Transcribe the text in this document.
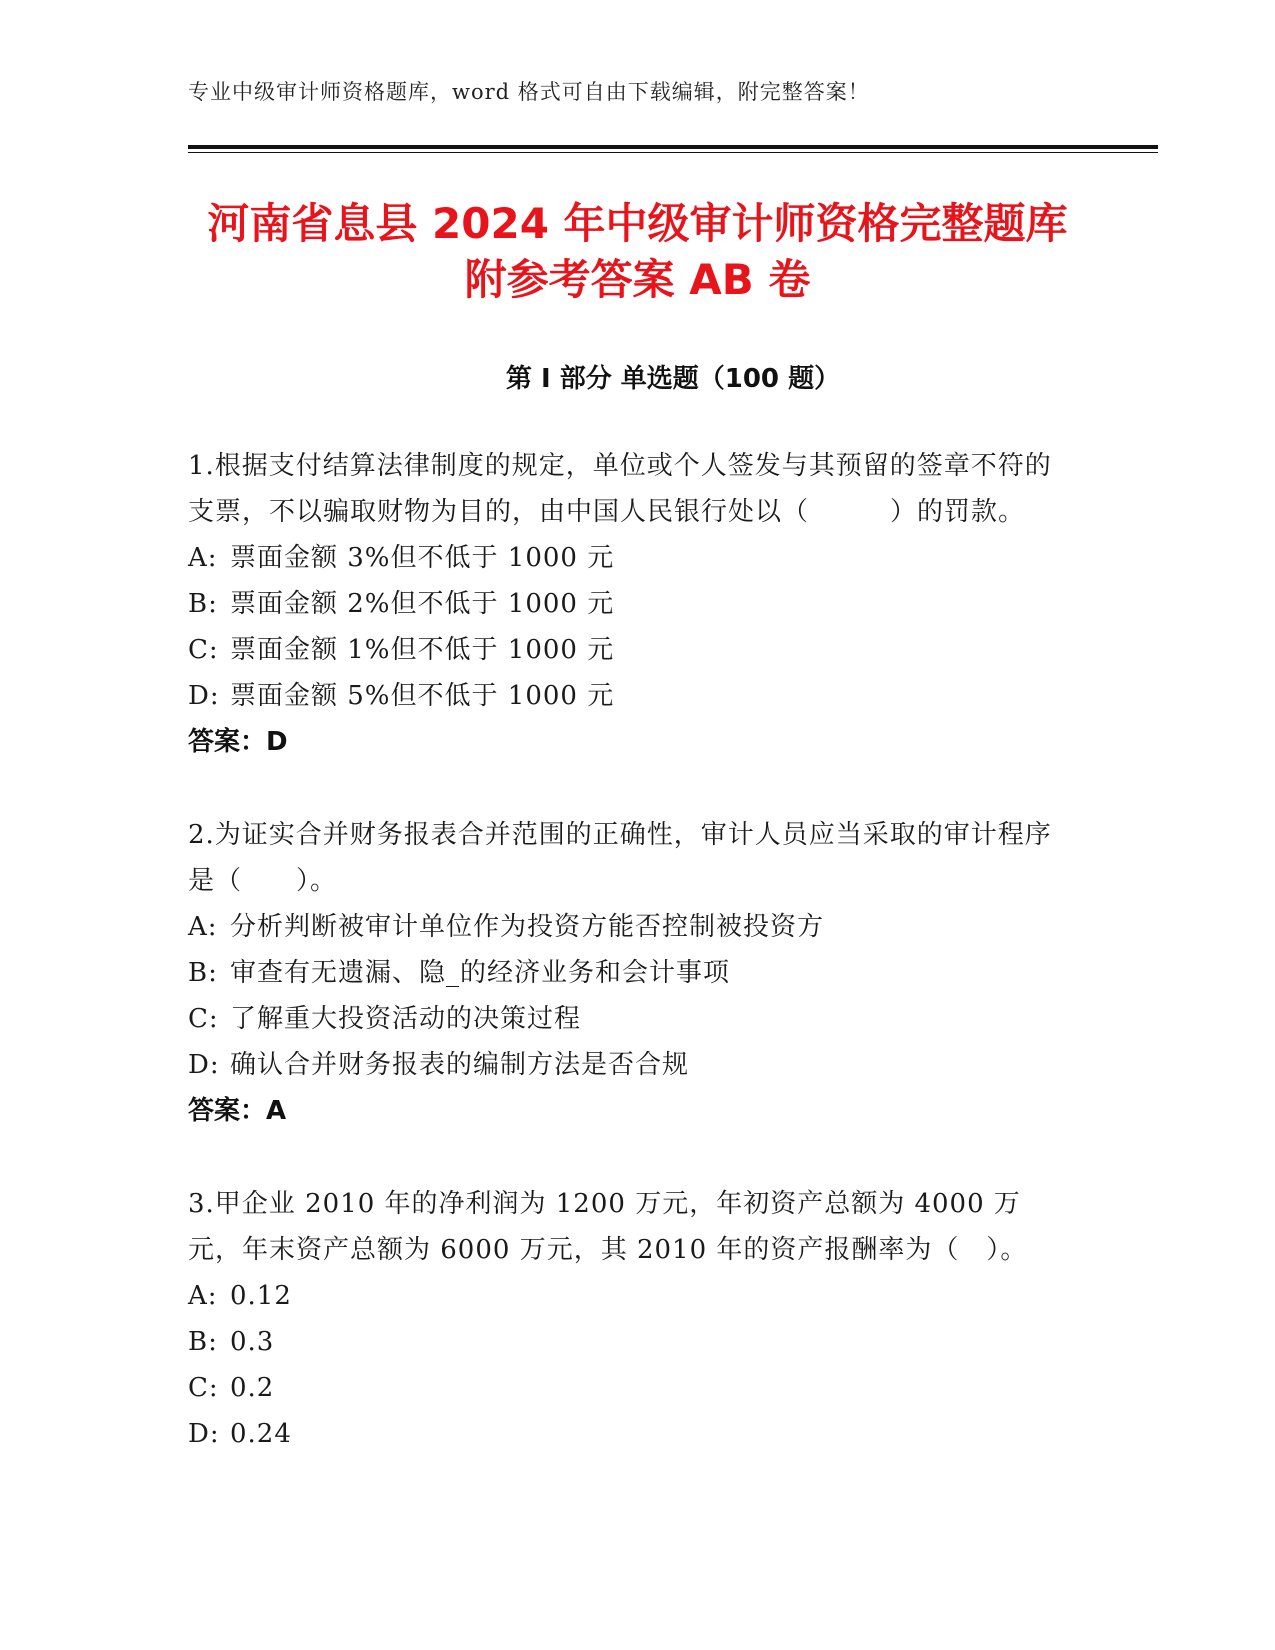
专业中级审计师资格题库，word 格式可自由下载编辑，附完整答案！
河南省息县 2024 年中级审计师资格完整题库
附参考答案 AB 卷
第 I 部分 单选题（100 题）
1.根据支付结算法律制度的规定，单位或个人签发与其预留的签章不符的支票，不以骗取财物为目的，由中国人民银行处以（　　　）的罚款。
A: 票面金额 3%但不低于 1000 元
B: 票面金额 2%但不低于 1000 元
C: 票面金额 1%但不低于 1000 元
D: 票面金额 5%但不低于 1000 元
答案：D
2.为证实合并财务报表合并范围的正确性，审计人员应当采取的审计程序是（　　）。
A: 分析判断被审计单位作为投资方能否控制被投资方
B: 审查有无遗漏、隐_的经济业务和会计事项
C: 了解重大投资活动的决策过程
D: 确认合并财务报表的编制方法是否合规
答案：A
3.甲企业 2010 年的净利润为 1200 万元，年初资产总额为 4000 万元，年末资产总额为 6000 万元，其 2010 年的资产报酬率为（　）。
A: 0.12
B: 0.3
C: 0.2
D: 0.24
